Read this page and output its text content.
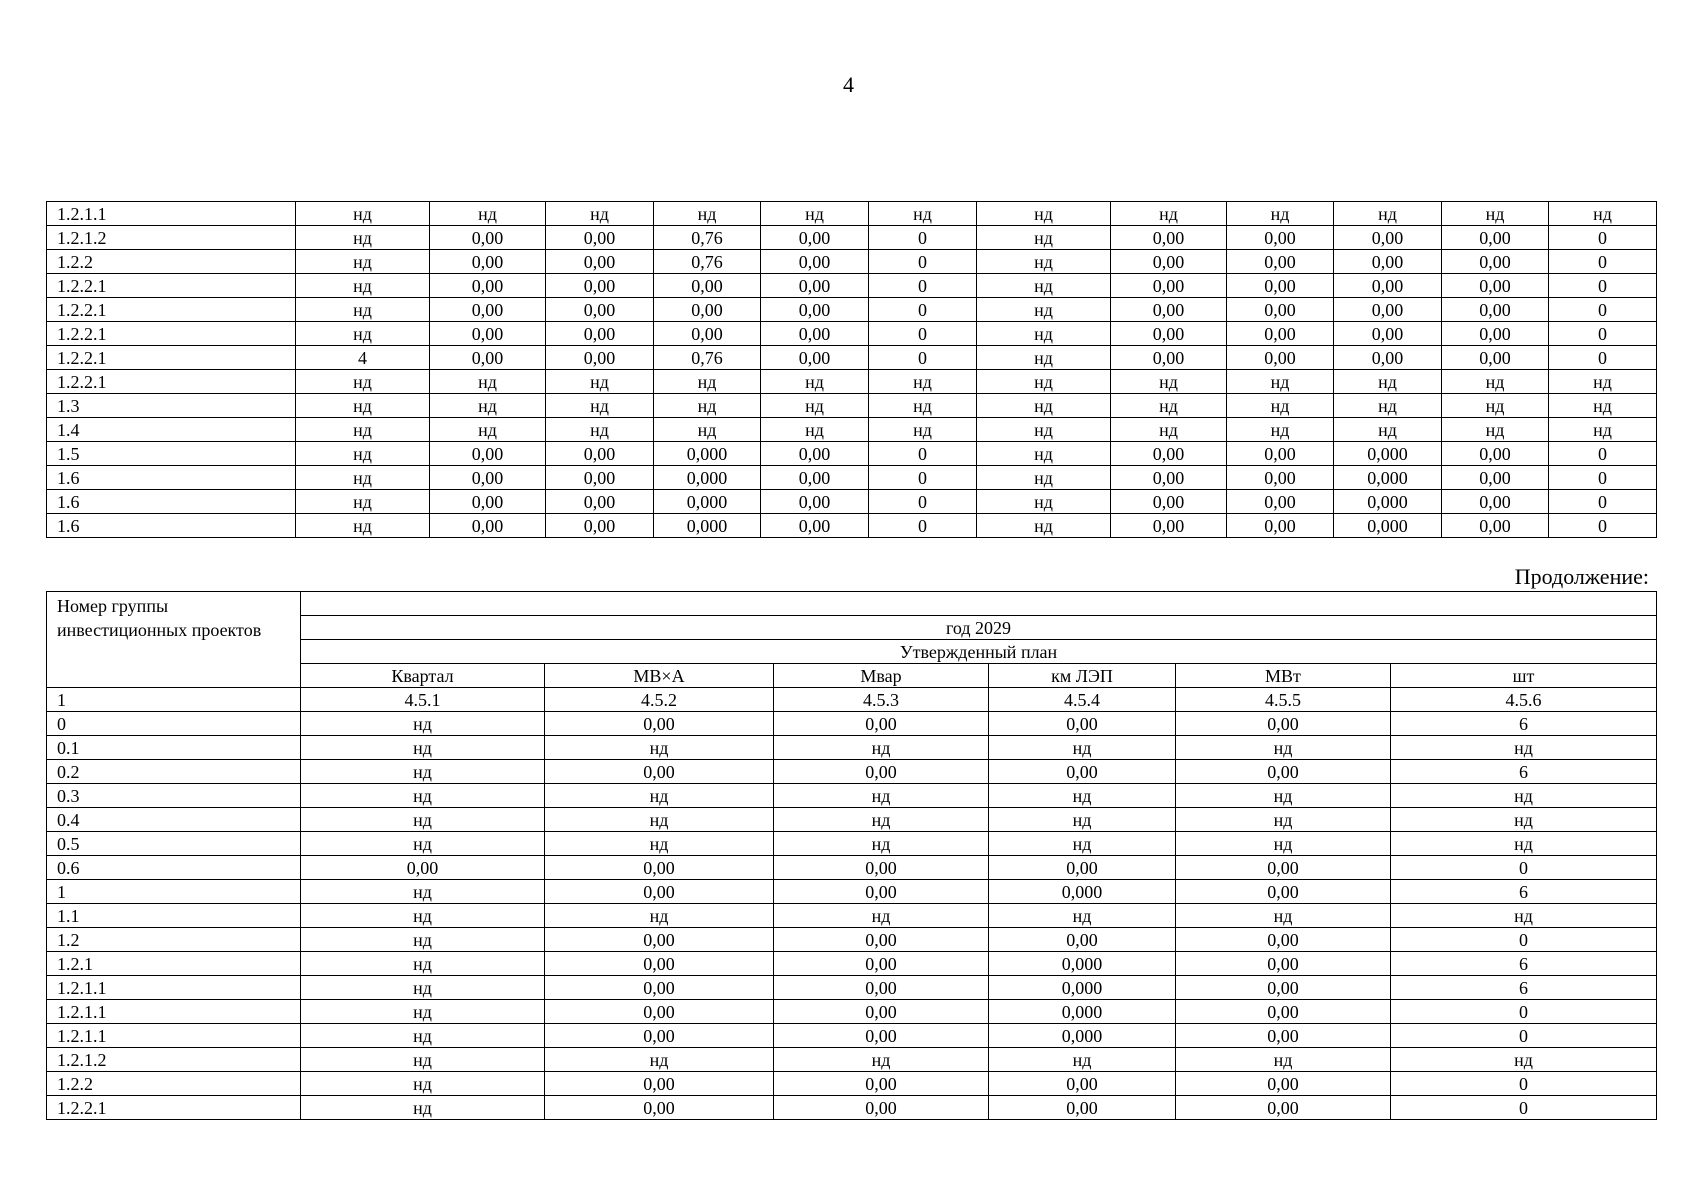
4
1.2.1.1	нд	нд	нд	нд	нд	нд	нд	нд	нд	нд	нд	нд
1.2.1.2	нд	0,00	0,00	0,76	0,00	0	нд	0,00	0,00	0,00	0,00	0
1.2.2	нд	0,00	0,00	0,76	0,00	0	нд	0,00	0,00	0,00	0,00	0
1.2.2.1	нд	0,00	0,00	0,00	0,00	0	нд	0,00	0,00	0,00	0,00	0
1.2.2.1	нд	0,00	0,00	0,00	0,00	0	нд	0,00	0,00	0,00	0,00	0
1.2.2.1	нд	0,00	0,00	0,00	0,00	0	нд	0,00	0,00	0,00	0,00	0
1.2.2.1	4	0,00	0,00	0,76	0,00	0	нд	0,00	0,00	0,00	0,00	0
1.2.2.1	нд	нд	нд	нд	нд	нд	нд	нд	нд	нд	нд	нд
1.3	нд	нд	нд	нд	нд	нд	нд	нд	нд	нд	нд	нд
1.4	нд	нд	нд	нд	нд	нд	нд	нд	нд	нд	нд	нд
1.5	нд	0,00	0,00	0,000	0,00	0	нд	0,00	0,00	0,000	0,00	0
1.6	нд	0,00	0,00	0,000	0,00	0	нд	0,00	0,00	0,000	0,00	0
1.6	нд	0,00	0,00	0,000	0,00	0	нд	0,00	0,00	0,000	0,00	0
1.6	нд	0,00	0,00	0,000	0,00	0	нд	0,00	0,00	0,000	0,00	0
Продолжение:
Номер группы инвестиционных проектов						
	год 2029					
	Утвержденный план					
	Квартал	МВ×А	Мвар	км ЛЭП	МВт	шт
1	4.5.1	4.5.2	4.5.3	4.5.4	4.5.5	4.5.6
0	нд	0,00	0,00	0,00	0,00	6
0.1	нд	нд	нд	нд	нд	нд
0.2	нд	0,00	0,00	0,00	0,00	6
0.3	нд	нд	нд	нд	нд	нд
0.4	нд	нд	нд	нд	нд	нд
0.5	нд	нд	нд	нд	нд	нд
0.6	0,00	0,00	0,00	0,00	0,00	0
1	нд	0,00	0,00	0,000	0,00	6
1.1	нд	нд	нд	нд	нд	нд
1.2	нд	0,00	0,00	0,00	0,00	0
1.2.1	нд	0,00	0,00	0,000	0,00	6
1.2.1.1	нд	0,00	0,00	0,000	0,00	6
1.2.1.1	нд	0,00	0,00	0,000	0,00	0
1.2.1.1	нд	0,00	0,00	0,000	0,00	0
1.2.1.2	нд	нд	нд	нд	нд	нд
1.2.2	нд	0,00	0,00	0,00	0,00	0
1.2.2.1	нд	0,00	0,00	0,00	0,00	0
